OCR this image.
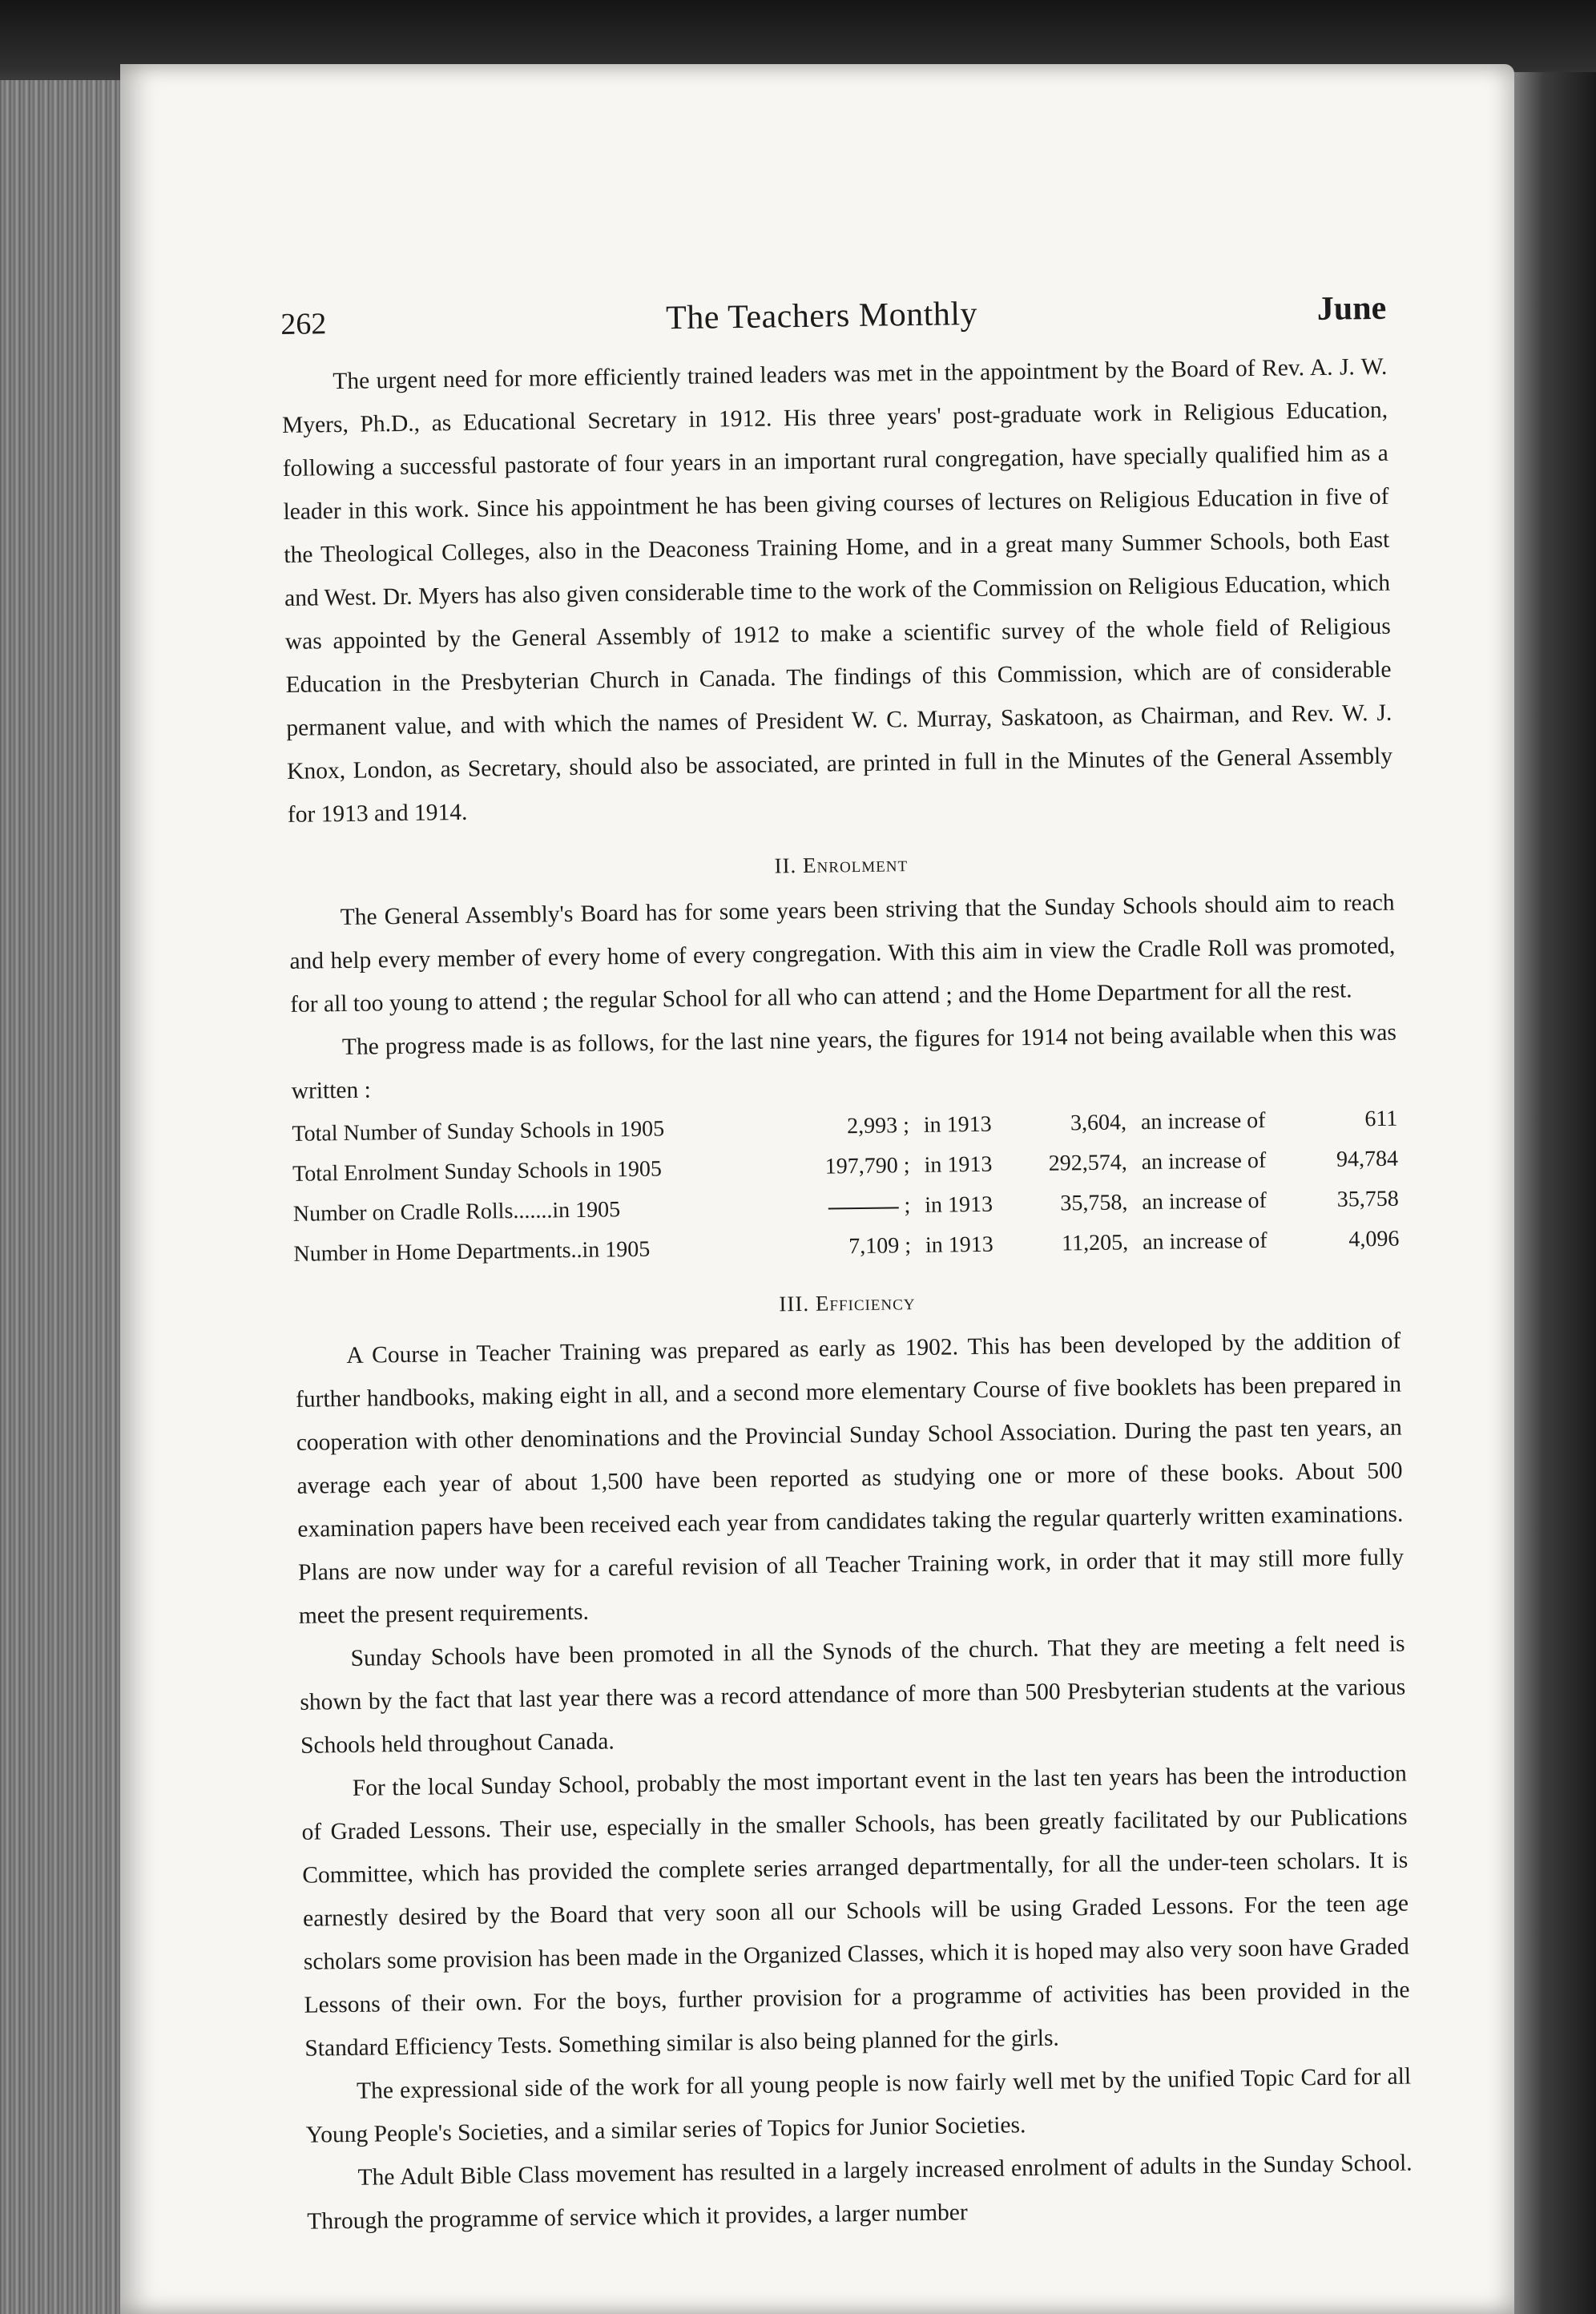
262	The Teachers Monthly	June

The urgent need for more efficiently trained leaders was met in the appointment by the Board of Rev. A. J. W. Myers, Ph.D., as Educational Secretary in 1912. His three years' post-graduate work in Religious Education, following a successful pastorate of four years in an important rural congregation, have specially qualified him as a leader in this work. Since his appointment he has been giving courses of lectures on Religious Education in five of the Theological Colleges, also in the Deaconess Training Home, and in a great many Summer Schools, both East and West. Dr. Myers has also given considerable time to the work of the Commission on Religious Education, which was appointed by the General Assembly of 1912 to make a scientific survey of the whole field of Religious Education in the Presbyterian Church in Canada. The findings of this Commission, which are of considerable permanent value, and with which the names of President W. C. Murray, Saskatoon, as Chairman, and Rev. W. J. Knox, London, as Secretary, should also be associated, are printed in full in the Minutes of the General Assembly for 1913 and 1914.

II. Enrolment

The General Assembly's Board has for some years been striving that the Sunday Schools should aim to reach and help every member of every home of every congregation. With this aim in view the Cradle Roll was promoted, for all too young to attend ; the regular School for all who can attend ; and the Home Department for all the rest.

The progress made is as follows, for the last nine years, the figures for 1914 not being available when this was written :

Total Number of Sunday Schools in 1905	2,993 ;	in 1913	3,604,	an increase of	611
Total Enrolment Sunday Schools in 1905	197,790 ;	in 1913	292,574,	an increase of	94,784
Number on Cradle Rolls.......in 1905	;	in 1913	35,758,	an increase of	35,758
Number in Home Departments..in 1905	7,109 ;	in 1913	11,205,	an increase of	4,096
III. Efficiency

A Course in Teacher Training was prepared as early as 1902. This has been developed by the addition of further handbooks, making eight in all, and a second more elementary Course of five booklets has been prepared in cooperation with other denominations and the Provincial Sunday School Association. During the past ten years, an average each year of about 1,500 have been reported as studying one or more of these books. About 500 examination papers have been received each year from candidates taking the regular quarterly written examinations. Plans are now under way for a careful revision of all Teacher Training work, in order that it may still more fully meet the present requirements.

Sunday Schools have been promoted in all the Synods of the church. That they are meeting a felt need is shown by the fact that last year there was a record attendance of more than 500 Presbyterian students at the various Schools held throughout Canada.

For the local Sunday School, probably the most important event in the last ten years has been the introduction of Graded Lessons. Their use, especially in the smaller Schools, has been greatly facilitated by our Publications Committee, which has provided the complete series arranged departmentally, for all the under-teen scholars. It is earnestly desired by the Board that very soon all our Schools will be using Graded Lessons. For the teen age scholars some provision has been made in the Organized Classes, which it is hoped may also very soon have Graded Lessons of their own. For the boys, further provision for a programme of activities has been provided in the Standard Efficiency Tests. Something similar is also being planned for the girls.

The expressional side of the work for all young people is now fairly well met by the unified Topic Card for all Young People's Societies, and a similar series of Topics for Junior Societies.

The Adult Bible Class movement has resulted in a largely increased enrolment of adults in the Sunday School. Through the programme of service which it provides, a larger number
